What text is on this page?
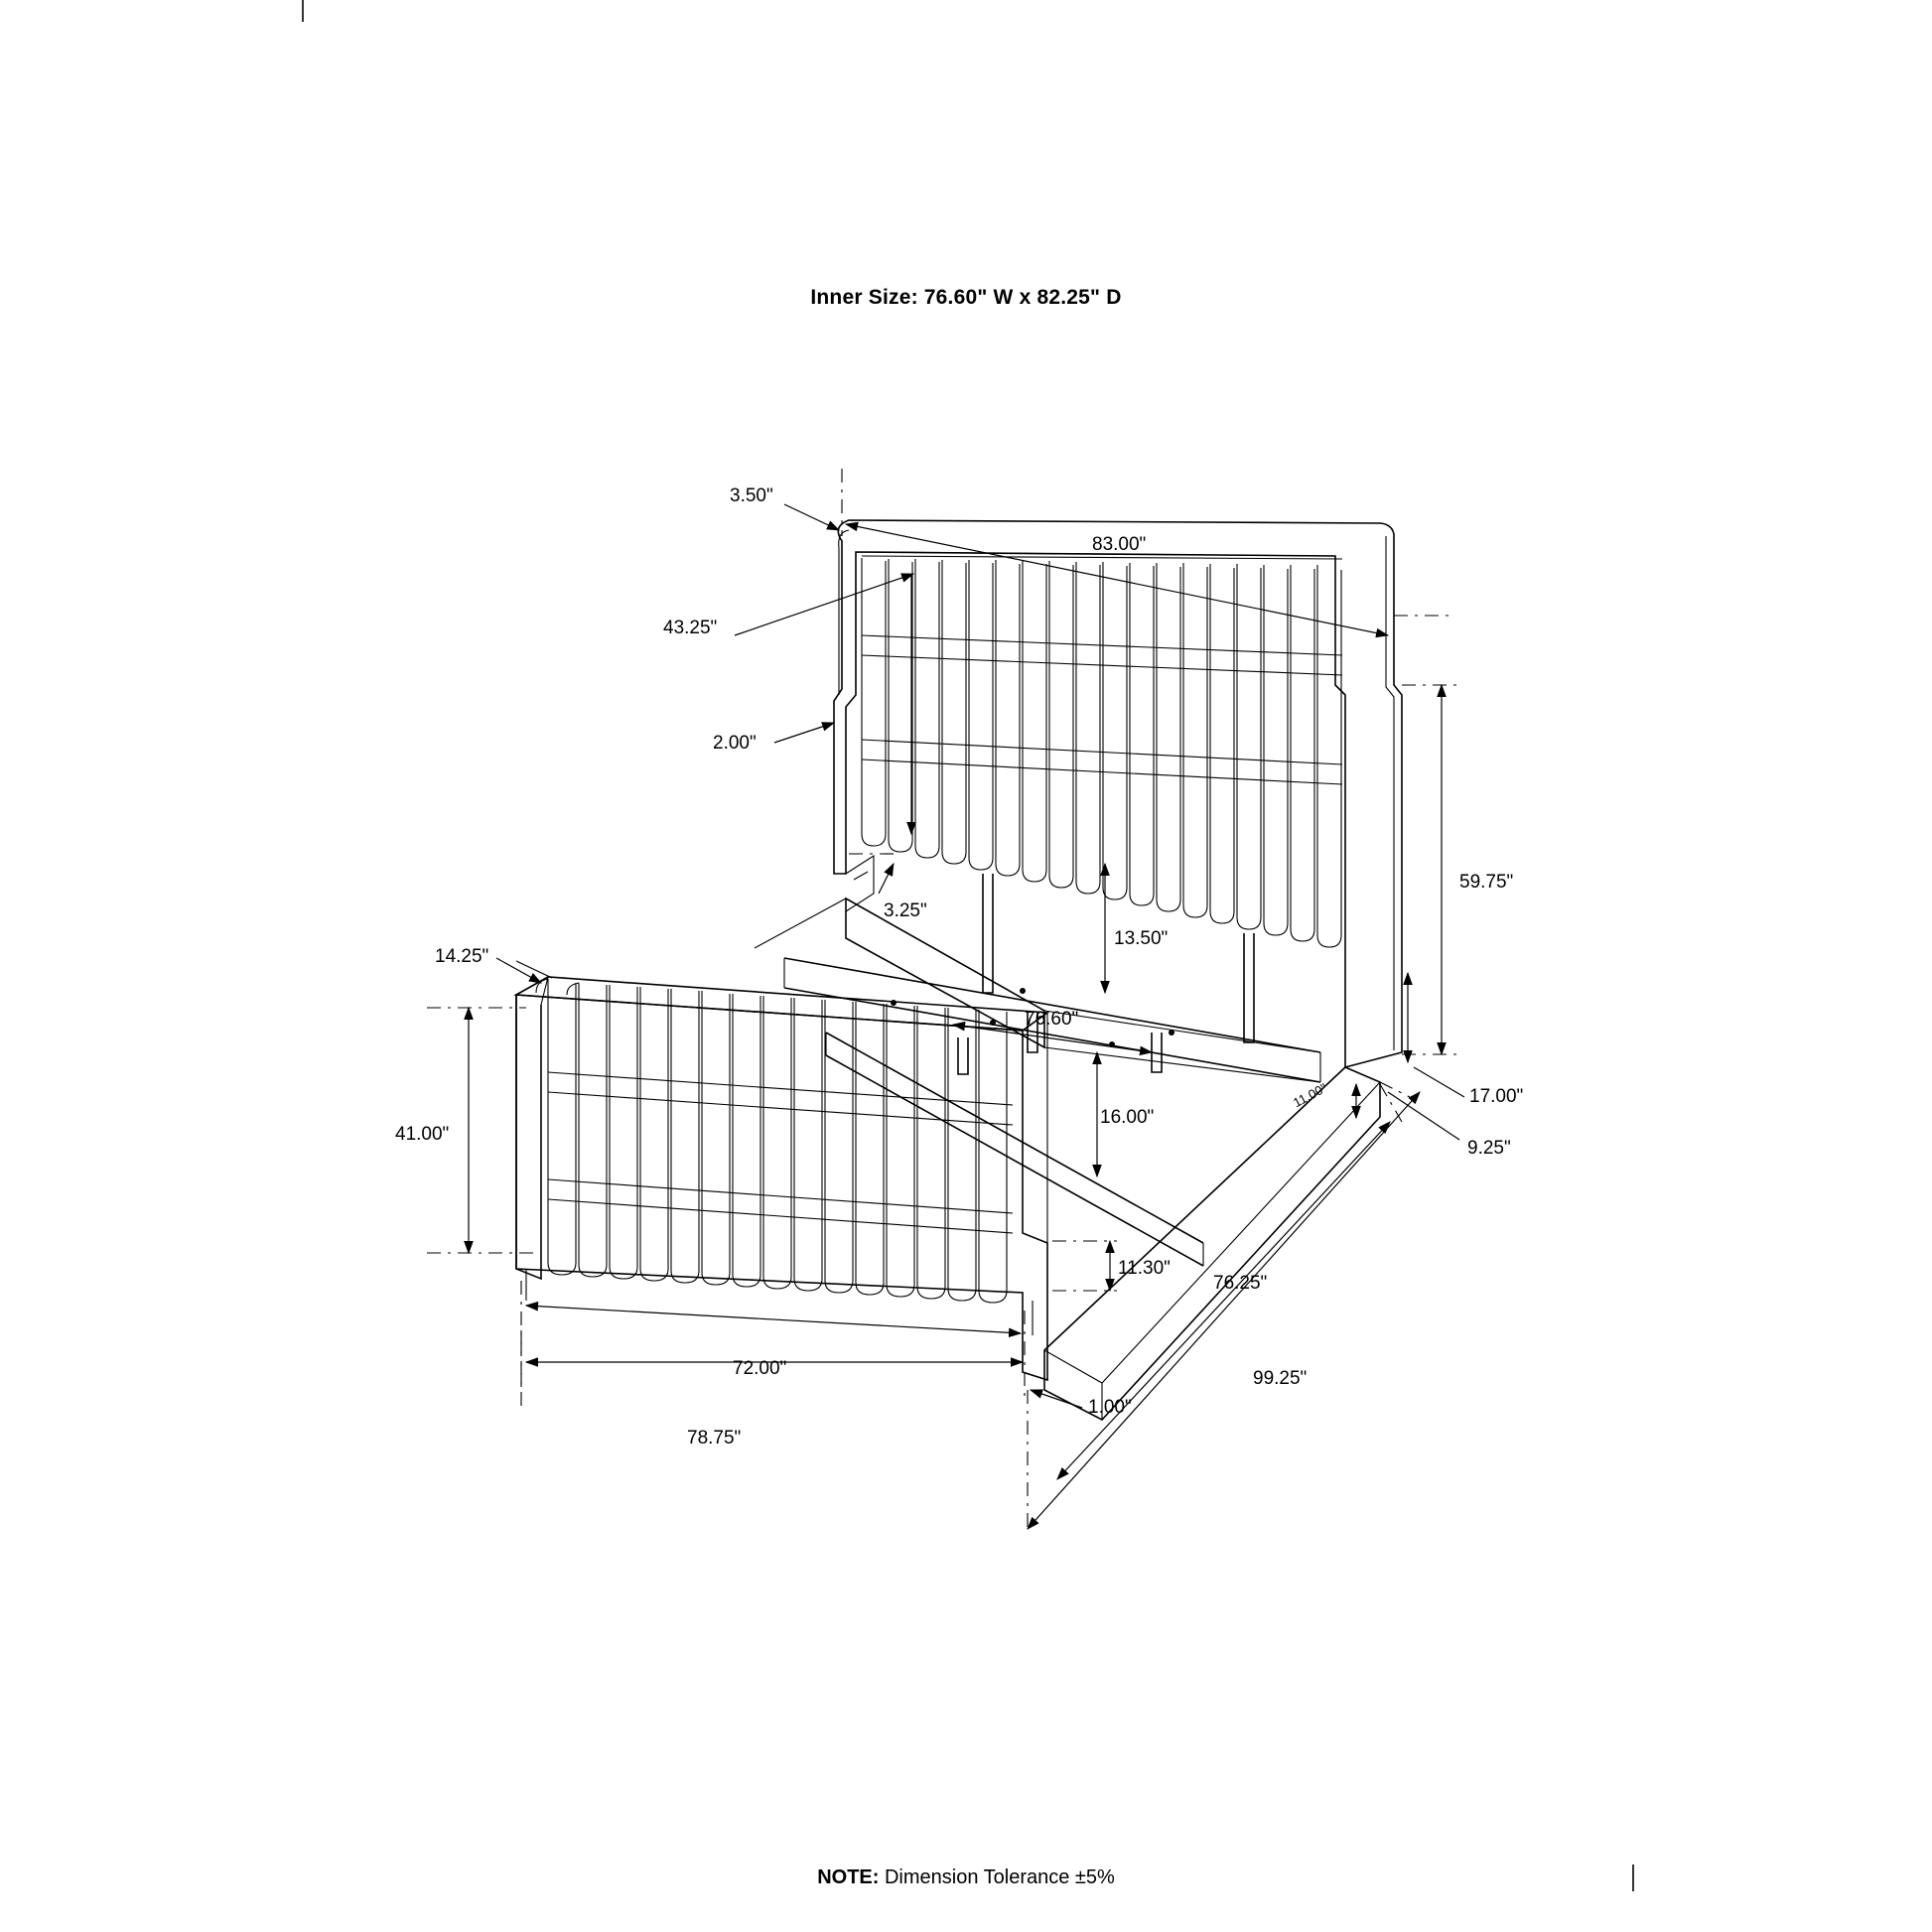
Inner Size: 76.60" W x 82.25" D
3.50"
83.00"
43.25"
2.00"
3.25"
13.50"
59.75"
14.25"
76.60"
11.00"	17.00"
9.25"
41.00"
16.00"
11.30"
76.25"
72.00"
1.00"
99.25"
78.75"
NOTE: Dimension Tolerance ±5%
